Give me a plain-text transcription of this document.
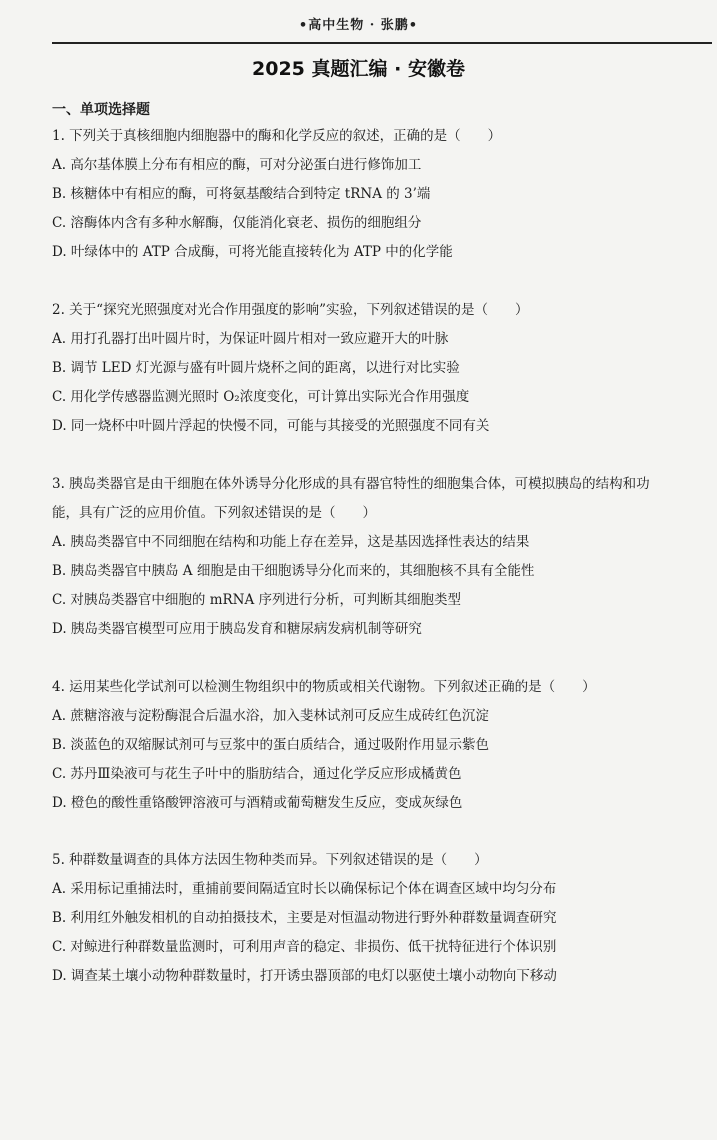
•高中生物 · 张鹏•
2025 真题汇编 · 安徽卷
一、单项选择题
1. 下列关于真核细胞内细胞器中的酶和化学反应的叙述，正确的是（　　）
A. 高尔基体膜上分布有相应的酶，可对分泌蛋白进行修饰加工
B. 核糖体中有相应的酶，可将氨基酸结合到特定 tRNA 的 3’端
C. 溶酶体内含有多种水解酶，仅能消化衰老、损伤的细胞组分
D. 叶绿体中的 ATP 合成酶，可将光能直接转化为 ATP 中的化学能
2. 关于“探究光照强度对光合作用强度的影响”实验，下列叙述错误的是（　　）
A. 用打孔器打出叶圆片时，为保证叶圆片相对一致应避开大的叶脉
B. 调节 LED 灯光源与盛有叶圆片烧杯之间的距离，以进行对比实验
C. 用化学传感器监测光照时 O₂浓度变化，可计算出实际光合作用强度
D. 同一烧杯中叶圆片浮起的快慢不同，可能与其接受的光照强度不同有关
3. 胰岛类器官是由干细胞在体外诱导分化形成的具有器官特性的细胞集合体，可模拟胰岛的结构和功
能，具有广泛的应用价值。下列叙述错误的是（　　）
A. 胰岛类器官中不同细胞在结构和功能上存在差异，这是基因选择性表达的结果
B. 胰岛类器官中胰岛 A 细胞是由干细胞诱导分化而来的，其细胞核不具有全能性
C. 对胰岛类器官中细胞的 mRNA 序列进行分析，可判断其细胞类型
D. 胰岛类器官模型可应用于胰岛发育和糖尿病发病机制等研究
4. 运用某些化学试剂可以检测生物组织中的物质或相关代谢物。下列叙述正确的是（　　）
A. 蔗糖溶液与淀粉酶混合后温水浴，加入斐林试剂可反应生成砖红色沉淀
B. 淡蓝色的双缩脲试剂可与豆浆中的蛋白质结合，通过吸附作用显示紫色
C. 苏丹Ⅲ染液可与花生子叶中的脂肪结合，通过化学反应形成橘黄色
D. 橙色的酸性重铬酸钾溶液可与酒精或葡萄糖发生反应，变成灰绿色
5. 种群数量调查的具体方法因生物种类而异。下列叙述错误的是（　　）
A. 采用标记重捕法时，重捕前要间隔适宜时长以确保标记个体在调查区域中均匀分布
B. 利用红外触发相机的自动拍摄技术，主要是对恒温动物进行野外种群数量调查研究
C. 对鲸进行种群数量监测时，可利用声音的稳定、非损伤、低干扰特征进行个体识别
D. 调查某土壤小动物种群数量时，打开诱虫器顶部的电灯以驱使土壤小动物向下移动
